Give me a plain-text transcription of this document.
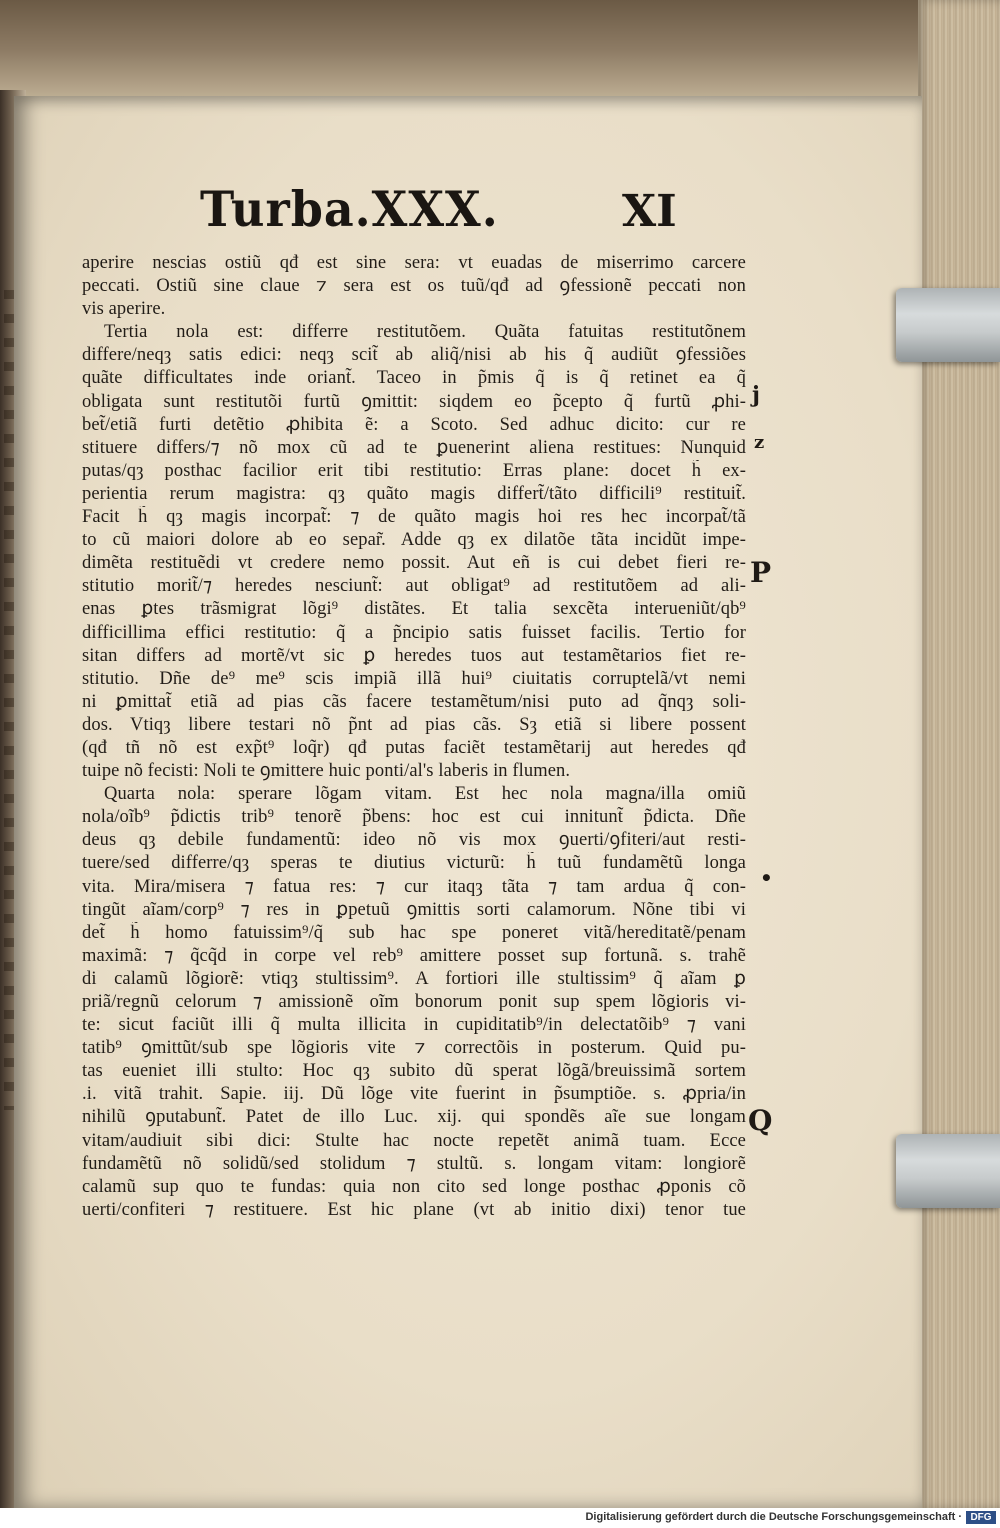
Turba.XXX.	XI
aperire nescias ostiũ qđ est sine sera: vt euadas de miserrimo carcere
peccati. Ostiũ sine claue ⁊ sera est os tuũ/qđ ad ꝯfessionẽ peccati non
vis aperire.
Tertia nola est: differre restitutõem. Quãta fatuitas restitutõnem
differe/neqȝ satis edici: neqȝ scit̃ ab aliq̃/nisi ab his q̃ audiũt ꝯfessiões
quãte difficultates inde oriant̃. Taceo in p̃mis q̃ is q̃ retinet ea q̃
obligata sunt restitutõi furtũ ꝯmittit: siqdem eo p̃cepto q̃ furtũ ꝓhi-
bet̃/etiã furti detẽtio ꝓhibita ẽ: a Scoto. Sed adhuc dicito: cur re
stituere differs/⁊ nõ mox cũ ad te ꝑuenerint aliena restitues: Nunquid
putas/qȝ posthac facilior erit tibi restitutio: Erras plane: docet h̃ ex-
perientia rerum magistra: qȝ quãto magis differt̃/tãto difficili⁹ restituit̃.
Facit h̃ qȝ magis incorpat̃: ⁊ de quãto magis hoi res hec incorpat̃/tã
to cũ maiori dolore ab eo separ̃. Adde qȝ ex dilatõe tãta incidũt impe-
dimẽta restituẽdi vt credere nemo possit. Aut eñ is cui debet fieri re-
stitutio morit̃/⁊ heredes nesciunt̃: aut obligat⁹ ad restitutõem ad ali-
enas ꝑtes trãsmigrat lõgi⁹ distãtes. Et talia sexcẽta interueniũt/qb⁹
difficillima effici restitutio: q̃ a p̃ncipio satis fuisset facilis. Tertio for
sitan differs ad mortẽ/vt sic ꝑ heredes tuos aut testamẽtarios fiet re-
stitutio. Dñe de⁹ me⁹ scis impiã illã hui⁹ ciuitatis corruptelã/vt nemi
ni ꝑmittat̃ etiã ad pias cãs facere testamẽtum/nisi puto ad q̃nqȝ soli-
dos. Vtiqȝ libere testari nõ p̃nt ad pias cãs. Sȝ etiã si libere possent
(qđ tñ nõ est exp̃t⁹ loq̃r) qđ putas faciẽt testamẽtarij aut heredes qđ
tuipe nõ fecisti: Noli te ꝯmittere huic ponti/al's laberis in flumen.
Quarta nola: sperare lõgam vitam. Est hec nola magna/illa omiũ
nola/oĩb⁹ p̃dictis trib⁹ tenorẽ p̃bens: hoc est cui innitunt̃ p̃dicta. Dñe
deus qȝ debile fundamentũ: ideo nõ vis mox ꝯuerti/ꝯfiteri/aut resti-
tuere/sed differre/qȝ speras te diutius victurũ: h̃ tuũ fundamẽtũ longa
vita. Mira/misera ⁊ fatua res: ⁊ cur itaqȝ tãta ⁊ tam ardua q̃ con-
tingũt aĩam/corp⁹ ⁊ res in ꝑpetuũ ꝯmittis sorti calamorum. Nõne tibi vi
det̃ h̃ homo fatuissim⁹/q̃ sub hac spe poneret vitã/hereditatẽ/penam
maximã: ⁊ q̃cq̃d in corpe vel reb⁹ amittere posset sup fortunã. s. trahẽ
di calamũ lõgiorẽ: vtiqȝ stultissim⁹. A fortiori ille stultissim⁹ q̃ aĩam ꝑ
priã/regnũ celorum ⁊ amissionẽ oĩm bonorum ponit sup spem lõgioris vi-
te: sicut faciũt illi q̃ multa illicita in cupiditatib⁹/in delectatõib⁹ ⁊ vani
tatib⁹ ꝯmittũt/sub spe lõgioris vite ⁊ correctõis in posterum. Quid pu-
tas eueniet illi stulto: Hoc qȝ subito dũ sperat lõgã/breuissimã sortem
.i. vitã trahit. Sapie. iij. Dũ lõge vite fuerint in p̃sumptiõe. s. ꝓpria/in
nihilũ ꝯputabunt̃. Patet de illo Luc. xij. qui spondẽs aĩe sue longam
vitam/audiuit sibi dici: Stulte hac nocte repetẽt animã tuam. Ecce
fundamẽtũ nõ solidũ/sed stolidum ⁊ stultũ. s. longam vitam: longiorẽ
calamũ sup quo te fundas: quia non cito sed longe posthac ꝓponis cõ
uerti/confiteri ⁊ restituere. Est hic plane (vt ab initio dixi) tenor tue
j
z
P
•
Q
Digitalisierung gefördert durch die Deutsche Forschungsgemeinschaft · DFG
